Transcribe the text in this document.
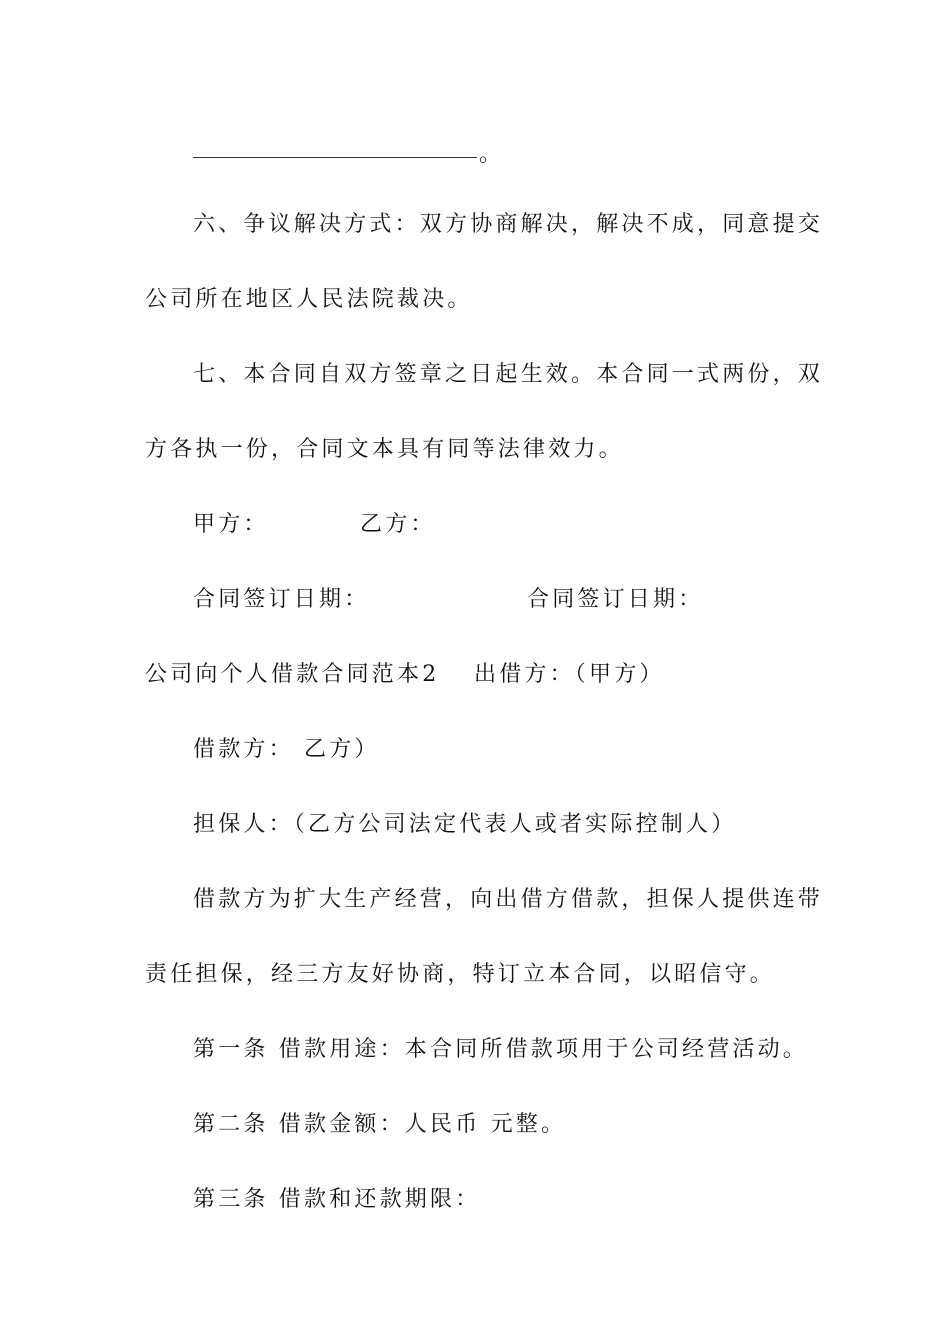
。
六、争议解决方式：双方协商解决，解决不成，同意提交
公司所在地区人民法院裁决。
七、本合同自双方签章之日起生效。本合同一式两份，双
方各执一份，合同文本具有同等法律效力。
甲方：	乙方：
合同签订日期：	合同签订日期：
公司向个人借款合同范本2 出借方：（甲方）
借款方： 乙方）
担保人：（乙方公司法定代表人或者实际控制人）
借款方为扩大生产经营，向出借方借款，担保人提供连带
责任担保，经三方友好协商，特订立本合同，以昭信守。
第一条 借款用途：本合同所借款项用于公司经营活动。
第二条 借款金额：人民币 元整。
第三条 借款和还款期限：
